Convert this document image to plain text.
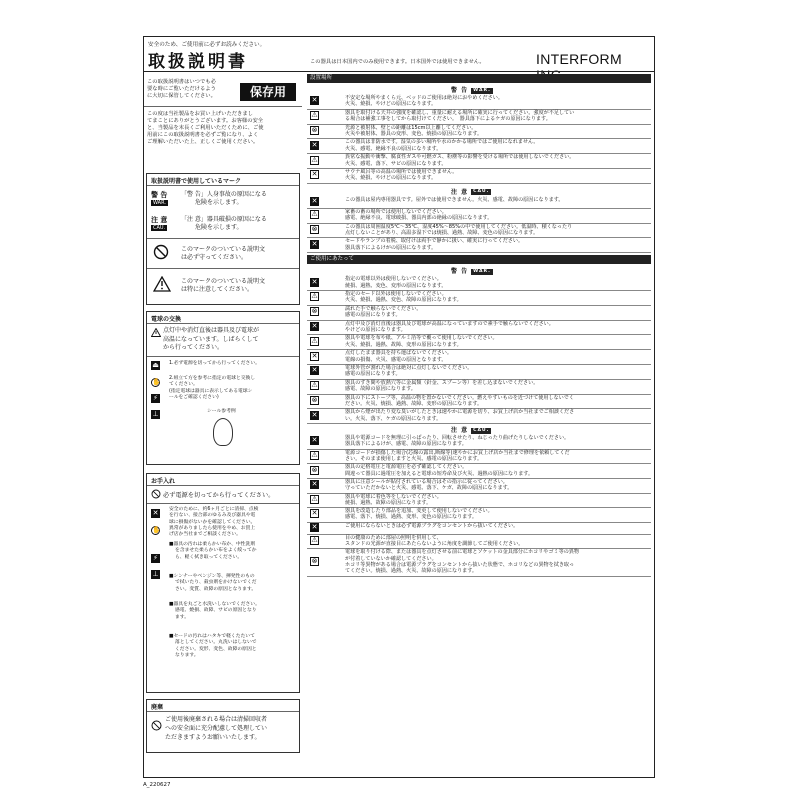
安全のため、ご使用前に必ずお読みください。
取扱説明書	この器具は日本国内でのみ使用できます。日本国外では使用できません。	INTERFORM
この取扱説明書はいつでも必
要な時にご覧いただけるよう
に大切に保管してください。	保存用
この度は当社製品をお買い上げいただきまし
てまことにありがとうございます。お客様の安全
と、当製品を末長くご利用いただくために、ご使
用前にこの取扱説明書を必ずご覧になり、よく
ご理解いただいた上、正しくご使用ください。
取扱説明書で使用しているマーク
警 告
WAR.
「警 告」人身事故の原因になる
危険を示します。
注 意
CAU.
「注 意」器具破損の原因になる
危険を示します。
このマークのついている説明文
は必ず守ってください。
このマークのついている説明文
は特に注意してください。
電球の交換
点灯中や消灯直後は器具及び電球が
高温になっています。しばらくして
から行ってください。
⏏ 1.必ず電源を切ってから行ってください。
✋ 2.組立て方を参考に指定の電球と交換し
てください。
(指定電球は器具に表示してある電球シ
ールをご確認ください)
⚡
⊥	シール参考例
お手入れ
必ず電源を切ってから行ってください。
✕
✋
⚡
⊥
安全のために、約6ヶ月ごとに清掃、点検
を行ない、接合部のゆるみ及び器具や電
球に損傷がないかを確認してください。
異常がありましたら使用をやめ、お買上
げ店か当社までご相談ください。
■器具の汚れは柔らかい布か、中性洗剤
を含ませた柔らかい布をよく絞ってか
ら、軽く拭き取ってください。
■シンナーやベンジン等、揮発性のもの
で拭いたり、殺虫剤をかけないでくだ
さい。変質、故障の原因となります。
■器具を丸ごと水洗いしないでください。
感電、焼損、故障、サビの原因となり
ます。
■セードの汚れはハタキで軽くたたいて
落としてください。丸洗いはしないで
ください。変形、変色、故障の原因と
なります。
廃棄
ご使用後廃棄される場合は清掃回収者
への安全面に充分配慮して処理してい
ただきますようお願いいたします。
設置場所
警 告 WAR.
✕	不安定な場所やまくら元、ベッドのご使用は絶対におやめください。
火災、焼損、やけどの原因になります。
⚠	器具を取付ける天井の強度を確認し、重量に耐える場所に確実に行ってください。強度が不足してい
る場合は補強工事をしてから取付けてください。　器具落下によるケガの原因になります。
⊗	光源と被射体、壁との距離は15cm以上離してください。
火災や被射体、器具の変形、変色、焼損の原因になります。
✕	この器具は非防水です。湿気の多い場所や水のかかる場所ではご使用になれません。
火災、感電、絶縁不良の原因になります。
⚠	異常な振動や衝撃、腐食性ガスや可燃ガス、粉塵等の影響を受ける場所では使用しないでください。
火災、感電、落下、サビの原因になります。
✕	サウナ風呂等の高温の場所では使用できません。
火災、焼損、やけどの原因になります。
注 意 CAU.
✕	この器具は屋内専用器具です。屋外では使用できません。火災、感電、故障の原因になります。
⚠	家畜の畜の場所では使用しないでください。
感電、絶縁不良、電球破損、器具内部の絶縁の原因になります。
⊗	この器具は周囲温度5℃～35℃、湿度45%～85%の中で使用してください。低温時、積くなったり
点灯しないことがあり、高温多湿下では焼損、過熱、故障、変色の原因になります。
✕	セードやランプの着脱、取付けは両手で静かに扱い、確実に行ってください。
器具落下によるけがの原因になります。
ご使用にあたって
警 告 WAR.
✕	指定の電球以外は使用しないでください。
焼損、過熱、変色、変形の原因になります。
⚠	指定のセード以外は使用しないでください。
火災、焼損、過熱、変色、故障の原因になります。
⊗	濡れた手で触らないでください。
感電の原因になります。
✕	点灯中及び消灯直後は器具及び電球が高温になっていますので素手で触らないでください。
やけどの原因になります。
⚠	器具や電球を布や紙、アルミ箔等で覆って使用しないでください。
火災、焼損、過熱、故障、変形の原因になります。
✕	点灯したまま器具を持ち運ばないでください。
電線の損傷、火災、感電の原因となります。
✕	電球外管が割れた場合は絶対に点灯しないでください。
感電の原因になります。
⚠	器具のすき間や放熱穴等に金属類（針金、スプーン等）を差し込まないでください。
感電、故障の原因になります。
⊗	器具の下にストーブ等、高温の物を置かないでください。燃えやすいものを近づけて使用しないでく
ださい。火災、焼損、過熱、故障、変形の原因になります。
✕	器具から煙が出たり変な臭いがしたときは速やかに電源を切り、お買上げ店か当社までご相談くださ
い。火災、落下、ケガの原因になります。
注 意 CAU.
✕	器具や電源コードを無理に引っぱったり、回転させたり、ねじったり曲げたりしないでください。
器具落下によるけが、感電、故障の原因になります。
⚠	電源コードが損傷した場合(芯線の露出,断線等)速やかにお買上げ店か当社まで修理を依頼してくだ
さい。そのまま使用しますと火災、感電の原因になります。
⊗	器具の定格電圧と電源電圧を必ず確認してください。
間違って器具に過電圧を加えると電球の短寿命及び火災、過熱の原因になります。
✕	器具に注意シールが貼付されている場合はその指示に従ってください。
守っていただかないと火災、感電、落下、ケガ、故障の原因になります。
⚠	器具や電球に着色等をしないでください。
焼損、過熱、故障の原因になります。
✕	器具を改造したり部品を追加、変更して使用しないでください。
感電、落下、焼損、過熱、変形、変色の原因になります。
✕	ご使用にならないときは必ず電源プラグをコンセントから抜いてください。
⚠	目の健康のために部屋の照明を併用して、
スタンドの光源が直接目にあたらないように角度を調節してご使用ください。
⊗
電球を取り付ける際、または器具を点灯させる前に電球とソケットの金具部分にホコリやゴミ等の異物
が付着していないか確認してください。
ホコリ等異物がある場合は電源プラグをコンセントから抜いた状態で、ホコリなどの異物を拭き取っ
てください。焼損、過熱、火災、故障の原因になります。
A_220627
